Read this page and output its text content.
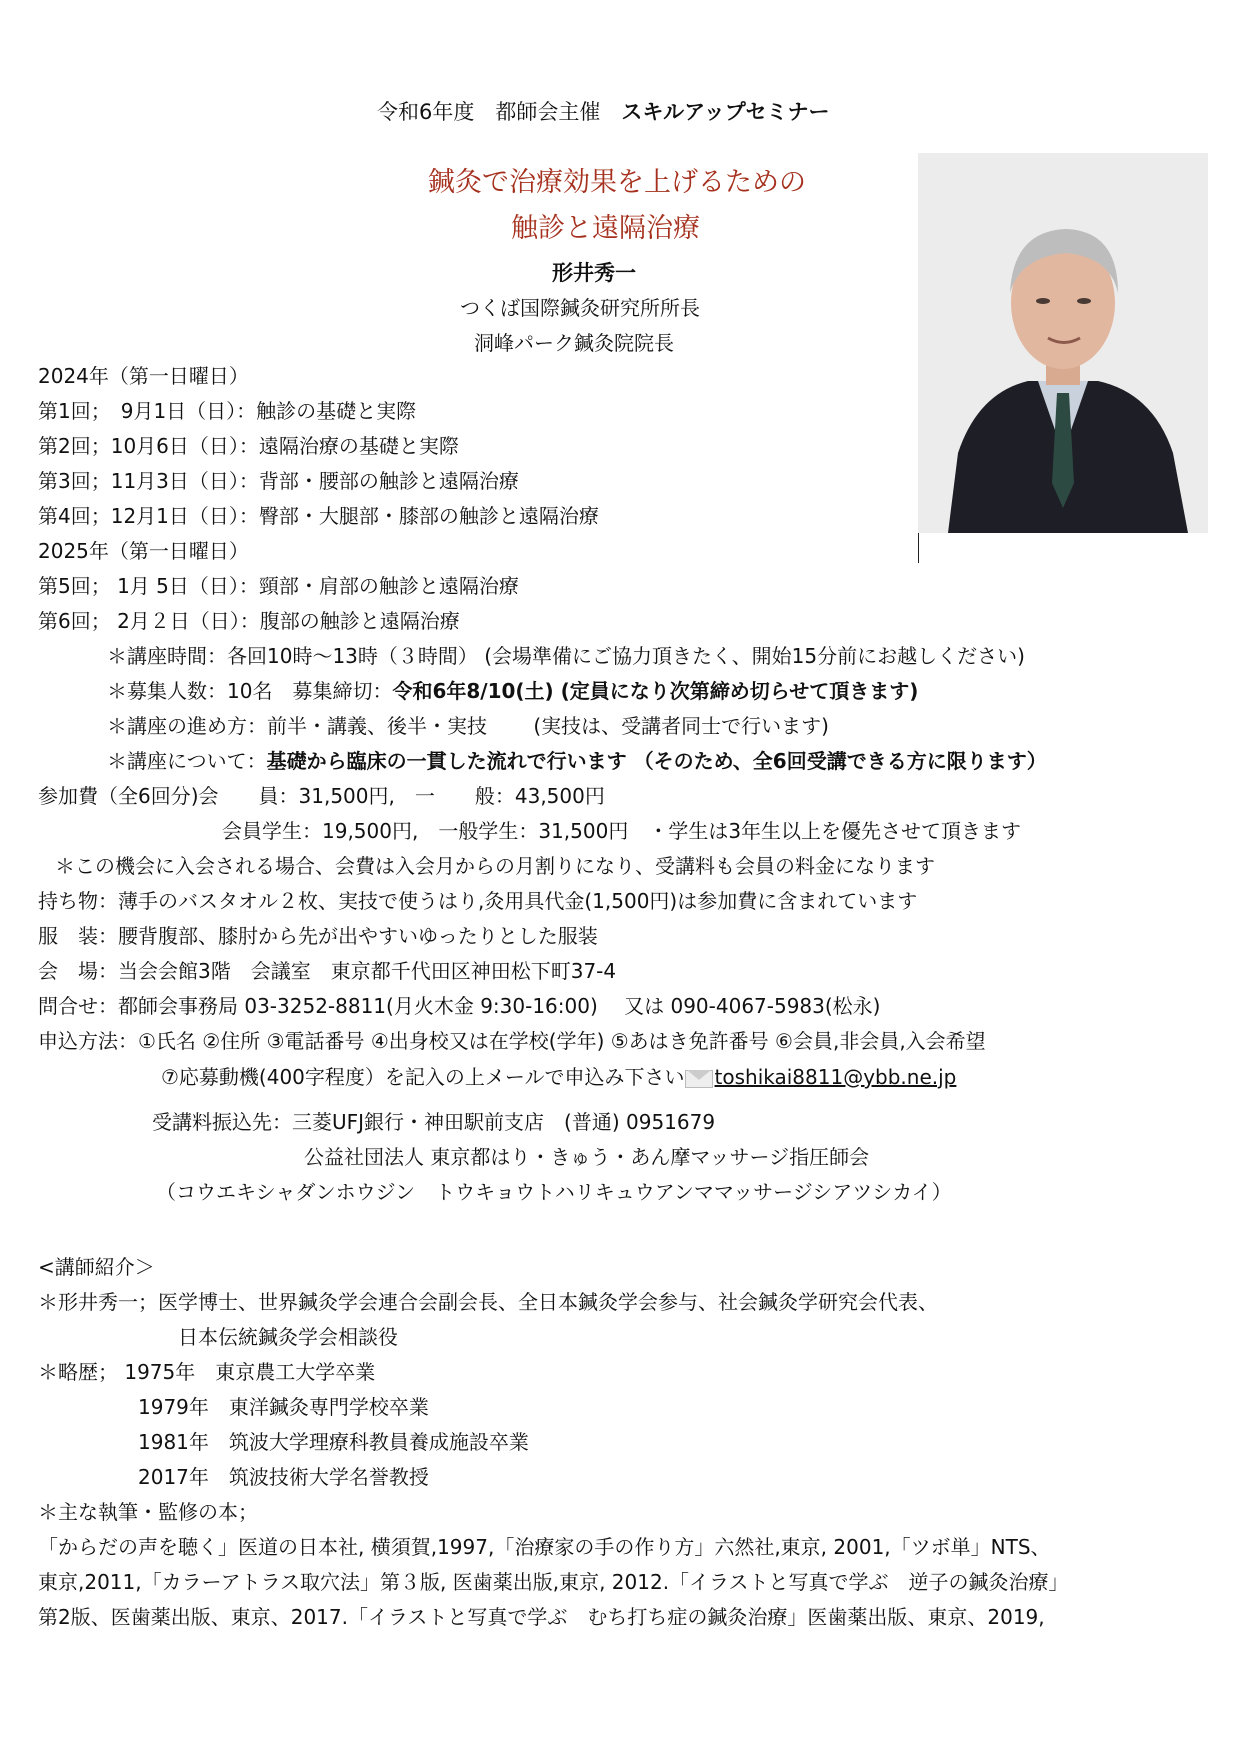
令和6年度　都師会主催　スキルアップセミナー
鍼灸で治療効果を上げるための
触診と遠隔治療
形井秀一
つくば国際鍼灸研究所所長
洞峰パーク鍼灸院院長
2024年（第一日曜日）
第1回；　9月1日（日）：触診の基礎と実際
第2回；10月6日（日）：遠隔治療の基礎と実際
第3回；11月3日（日）：背部・腰部の触診と遠隔治療
第4回；12月1日（日）：臀部・大腿部・膝部の触診と遠隔治療
2025年（第一日曜日）
第5回； 1月 5日（日）：頸部・肩部の触診と遠隔治療
第6回； 2月２日（日）：腹部の触診と遠隔治療
＊講座時間：各回10時～13時（３時間） (会場準備にご協力頂きたく、開始15分前にお越しください)
＊募集人数：10名　募集締切：令和6年8/10(土) (定員になり次第締め切らせて頂きます)
＊講座の進め方：前半・講義、後半・実技　　 (実技は、受講者同士で行います)
＊講座について：基礎から臨床の一貫した流れで行います （そのため、全6回受講できる方に限ります）
参加費（全6回分)会　　員：31,500円,　一　　般：43,500円
会員学生：19,500円,　一般学生：31,500円　・学生は3年生以上を優先させて頂きます
＊この機会に入会される場合、会費は入会月からの月割りになり、受講料も会員の料金になります
持ち物：薄手のバスタオル２枚、実技で使うはり,灸用具代金(1,500円)は参加費に含まれています
服　装：腰背腹部、膝肘から先が出やすいゆったりとした服装
会　場：当会会館3階　会議室　東京都千代田区神田松下町37-4
問合せ：都師会事務局 03-3252-8811(月火木金 9:30-16:00)　 又は 090-4067-5983(松永)
申込方法：①氏名 ②住所 ③電話番号 ④出身校又は在学校(学年) ⑤あはき免許番号 ⑥会員,非会員,入会希望
⑦応募動機(400字程度）を記入の上メールで申込み下さい toshikai8811@ybb.ne.jp
受講料振込先：三菱UFJ銀行・神田駅前支店　(普通) 0951679
公益社団法人 東京都はり・きゅう・あん摩マッサージ指圧師会
（コウエキシャダンホウジン　トウキョウトハリキュウアンママッサージシアツシカイ）
<講師紹介＞
＊形井秀一；医学博士、世界鍼灸学会連合会副会長、全日本鍼灸学会参与、社会鍼灸学研究会代表、
日本伝統鍼灸学会相談役
＊略歴； 1975年　東京農工大学卒業
1979年　東洋鍼灸専門学校卒業
1981年　筑波大学理療科教員養成施設卒業
2017年　筑波技術大学名誉教授
＊主な執筆・監修の本；
「からだの声を聴く」医道の日本社, 横須賀,1997,「治療家の手の作り方」六然社,東京, 2001,「ツボ単」NTS、
東京,2011,「カラーアトラス取穴法」第３版, 医歯薬出版,東京, 2012.「イラストと写真で学ぶ　逆子の鍼灸治療」
第2版、医歯薬出版、東京、2017.「イラストと写真で学ぶ　むち打ち症の鍼灸治療」医歯薬出版、東京、2019,
